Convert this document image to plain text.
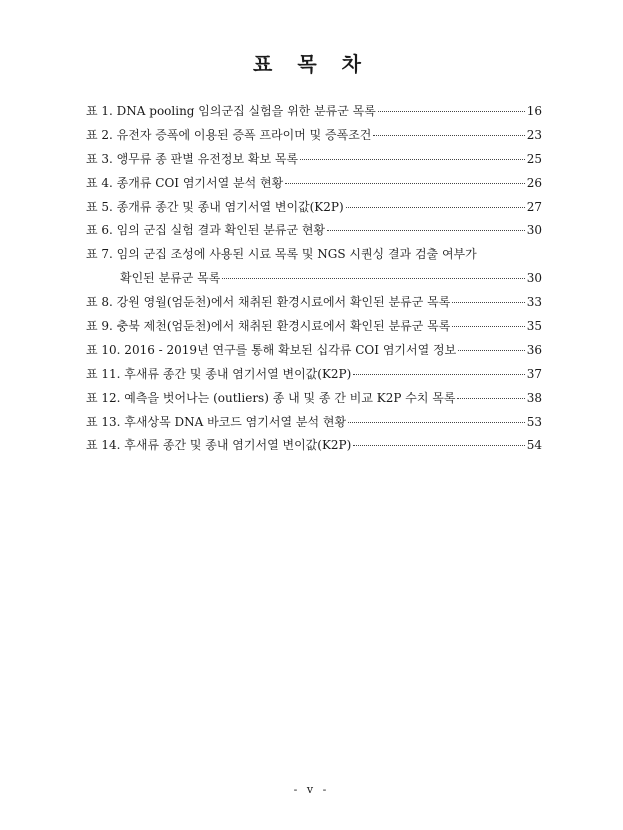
표 목 차
표 1. DNA pooling 임의군집 실험을 위한 분류군 목록	16
표 2. 유전자 증폭에 이용된 증폭 프라이머 및 증폭조건	23
표 3. 앵무류 종 판별 유전정보 확보 목록	25
표 4. 종개류 COI 염기서열 분석 현황	26
표 5. 종개류 종간 및 종내 염기서열 변이값(K2P)	27
표 6. 임의 군집 실험 결과 확인된 분류군 현황	30
표 7. 임의 군집 조성에 사용된 시료 목록 및 NGS 시퀀싱 결과 검출 여부가
확인된 분류군 목록	30
표 8. 강원 영월(엄둔천)에서 채취된 환경시료에서 확인된 분류군 목록	33
표 9. 충북 제천(엄둔천)에서 채취된 환경시료에서 확인된 분류군 목록	35
표 10. 2016 - 2019년 연구를 통해 확보된 십각류 COI 염기서열 정보	36
표 11. 후새류 종간 및 종내 염기서열 변이값(K2P)	37
표 12. 예측을 벗어나는 (outliers) 종 내 및 종 간 비교 K2P 수치 목록	38
표 13. 후새상목 DNA 바코드 염기서열 분석 현황	53
표 14. 후새류 종간 및 종내 염기서열 변이값(K2P)	54
- v -
